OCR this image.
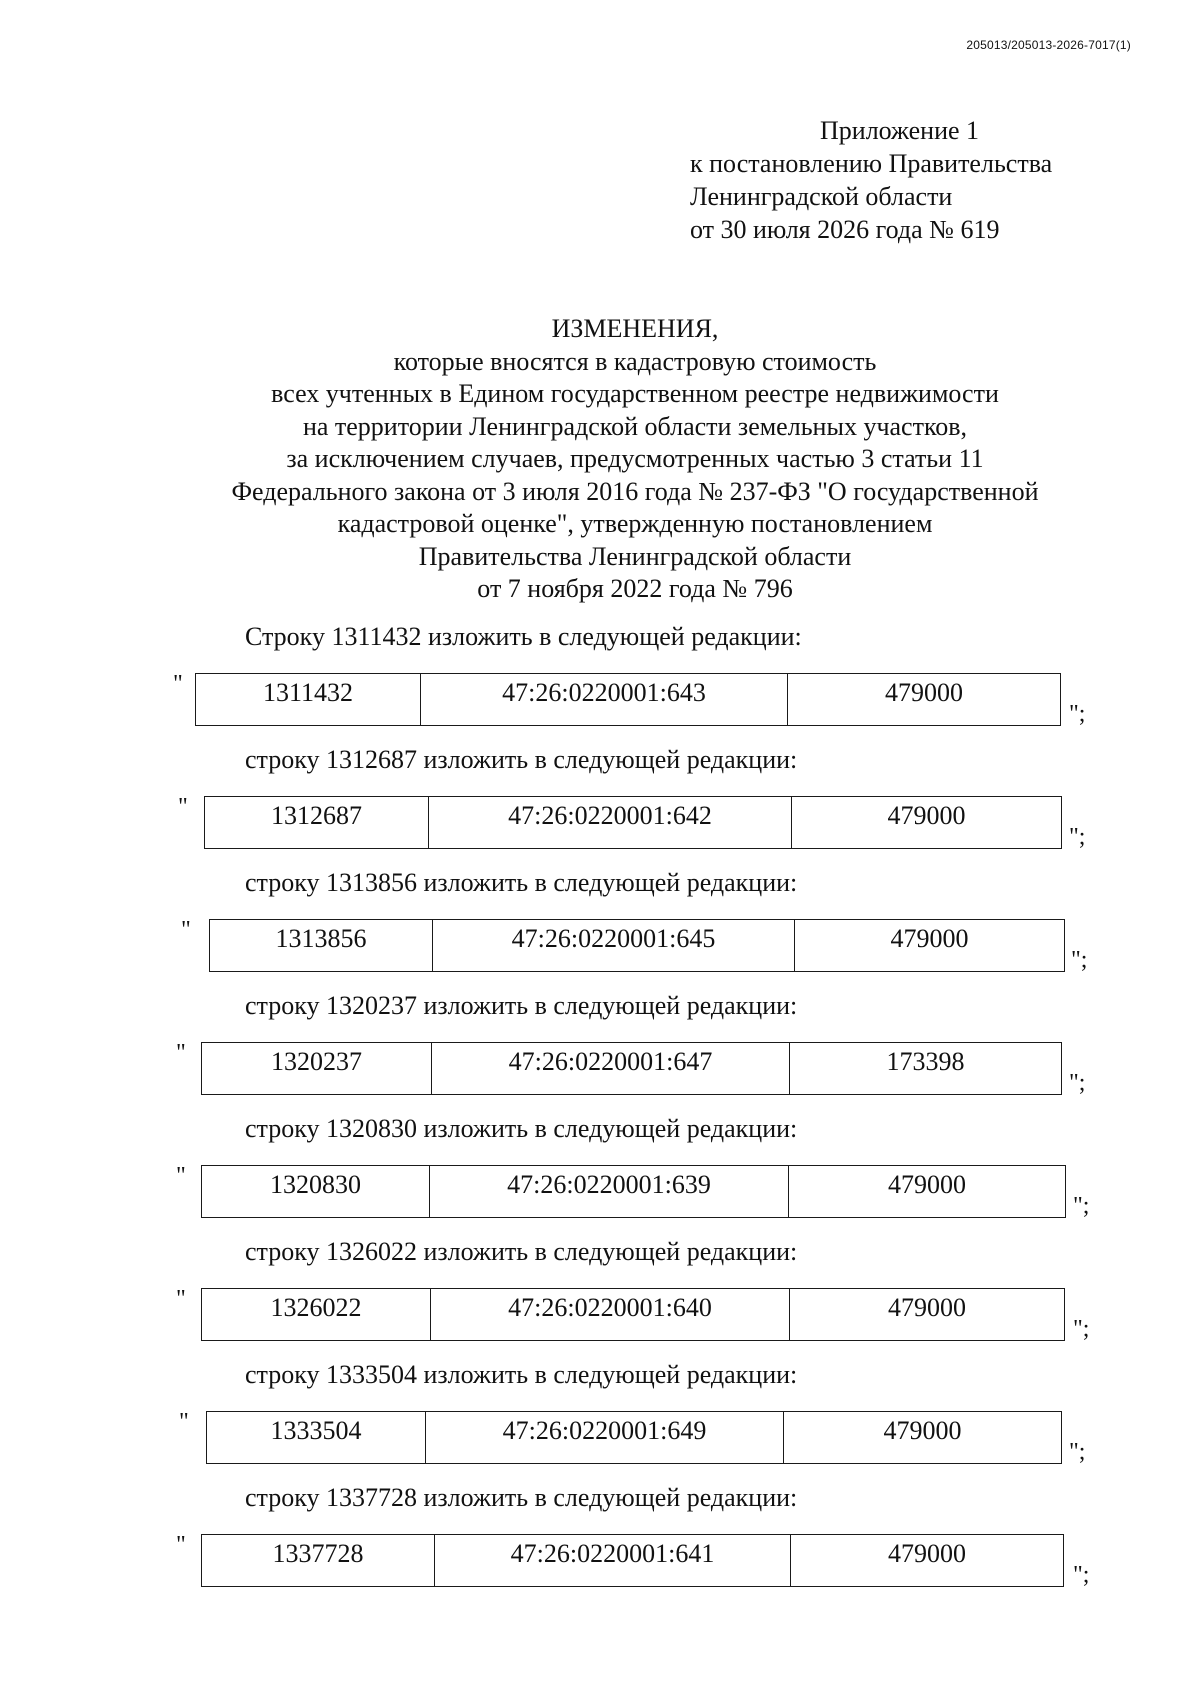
205013/205013-2026-7017(1)
Приложение 1
к постановлению Правительства
Ленинградской области
от 30 июля 2026 года № 619
ИЗМЕНЕНИЯ,
которые вносятся в кадастровую стоимость
всех учтенных в Едином государственном реестре недвижимости
на территории Ленинградской области земельных участков,
за исключением случаев, предусмотренных частью 3 статьи 11
Федерального закона от 3 июля 2016 года № 237-ФЗ "О государственной
кадастровой оценке", утвержденную постановлением
Правительства Ленинградской области
от 7 ноября 2022 года № 796
Строку 1311432 изложить в следующей редакции:
"	1311432	47:26:0220001:643	479000
";
строку 1312687 изложить в следующей редакции:
"	1312687	47:26:0220001:642	479000
";
строку 1313856 изложить в следующей редакции:
"	1313856	47:26:0220001:645	479000
";
строку 1320237 изложить в следующей редакции:
"	1320237	47:26:0220001:647	173398
";
строку 1320830 изложить в следующей редакции:
"	1320830	47:26:0220001:639	479000
";
строку 1326022 изложить в следующей редакции:
"	1326022	47:26:0220001:640	479000
";
строку 1333504 изложить в следующей редакции:
"	1333504	47:26:0220001:649	479000
";
строку 1337728 изложить в следующей редакции:
"	1337728	47:26:0220001:641	479000
";
